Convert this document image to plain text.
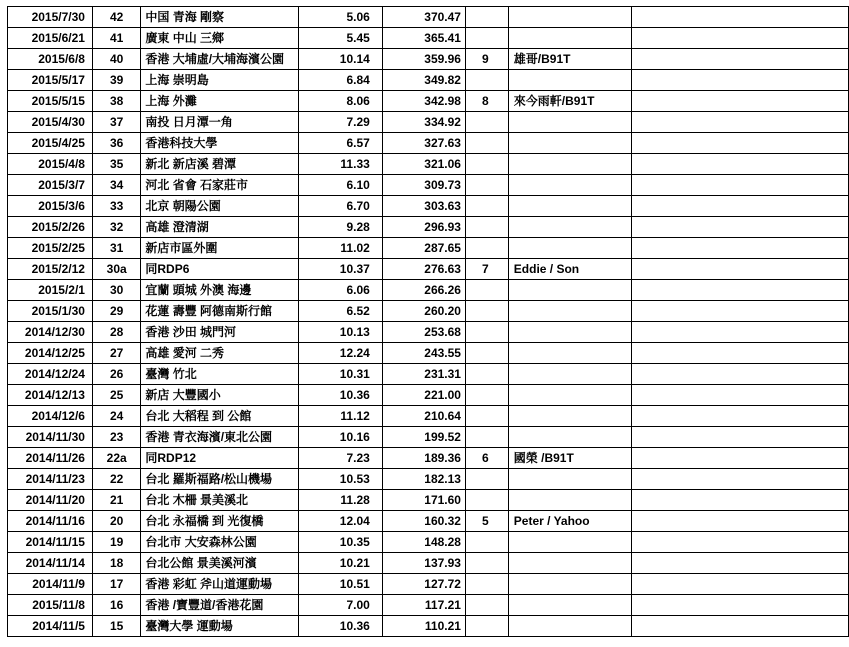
2015/7/30	42	中国 青海 剛察	5.06	370.47			
2015/6/21	41	廣東 中山 三鄉	5.45	365.41			
2015/6/8	40	香港 大埔虛/大埔海濱公園	10.14	359.96	9	雄哥/B91T	
2015/5/17	39	上海 崇明島	6.84	349.82			
2015/5/15	38	上海 外灘	8.06	342.98	8	來今雨軒/B91T	
2015/4/30	37	南投 日月潭一角	7.29	334.92			
2015/4/25	36	香港科技大學	6.57	327.63			
2015/4/8	35	新北 新店溪 碧潭	11.33	321.06			
2015/3/7	34	河北 省會 石家莊市	6.10	309.73			
2015/3/6	33	北京 朝陽公園	6.70	303.63			
2015/2/26	32	高雄 澄清湖	9.28	296.93			
2015/2/25	31	新店市區外圍	11.02	287.65			
2015/2/12	30a	同RDP6	10.37	276.63	7	Eddie / Son	
2015/2/1	30	宜蘭 頭城 外澳 海邊	6.06	266.26			
2015/1/30	29	花蓮 壽豐 阿德南斯行館	6.52	260.20			
2014/12/30	28	香港 沙田 城門河	10.13	253.68			
2014/12/25	27	高雄 愛河 二秀	12.24	243.55			
2014/12/24	26	臺灣 竹北	10.31	231.31			
2014/12/13	25	新店 大豐國小	10.36	221.00			
2014/12/6	24	台北 大稻程 到 公館	11.12	210.64			
2014/11/30	23	香港 青衣海濱/東北公園	10.16	199.52			
2014/11/26	22a	同RDP12	7.23	189.36	6	國榮 /B91T	
2014/11/23	22	台北 羅斯福路/松山機場	10.53	182.13			
2014/11/20	21	台北 木柵 景美溪北	11.28	171.60			
2014/11/16	20	台北 永福橋 到 光復橋	12.04	160.32	5	Peter / Yahoo	
2014/11/15	19	台北市 大安森林公園	10.35	148.28			
2014/11/14	18	台北公館 景美溪河濱	10.21	137.93			
2014/11/9	17	香港 彩虹 斧山道運動場	10.51	127.72			
2015/11/8	16	香港 /寶豐道/香港花園	7.00	117.21			
2014/11/5	15	臺灣大學 運動場	10.36	110.21			
